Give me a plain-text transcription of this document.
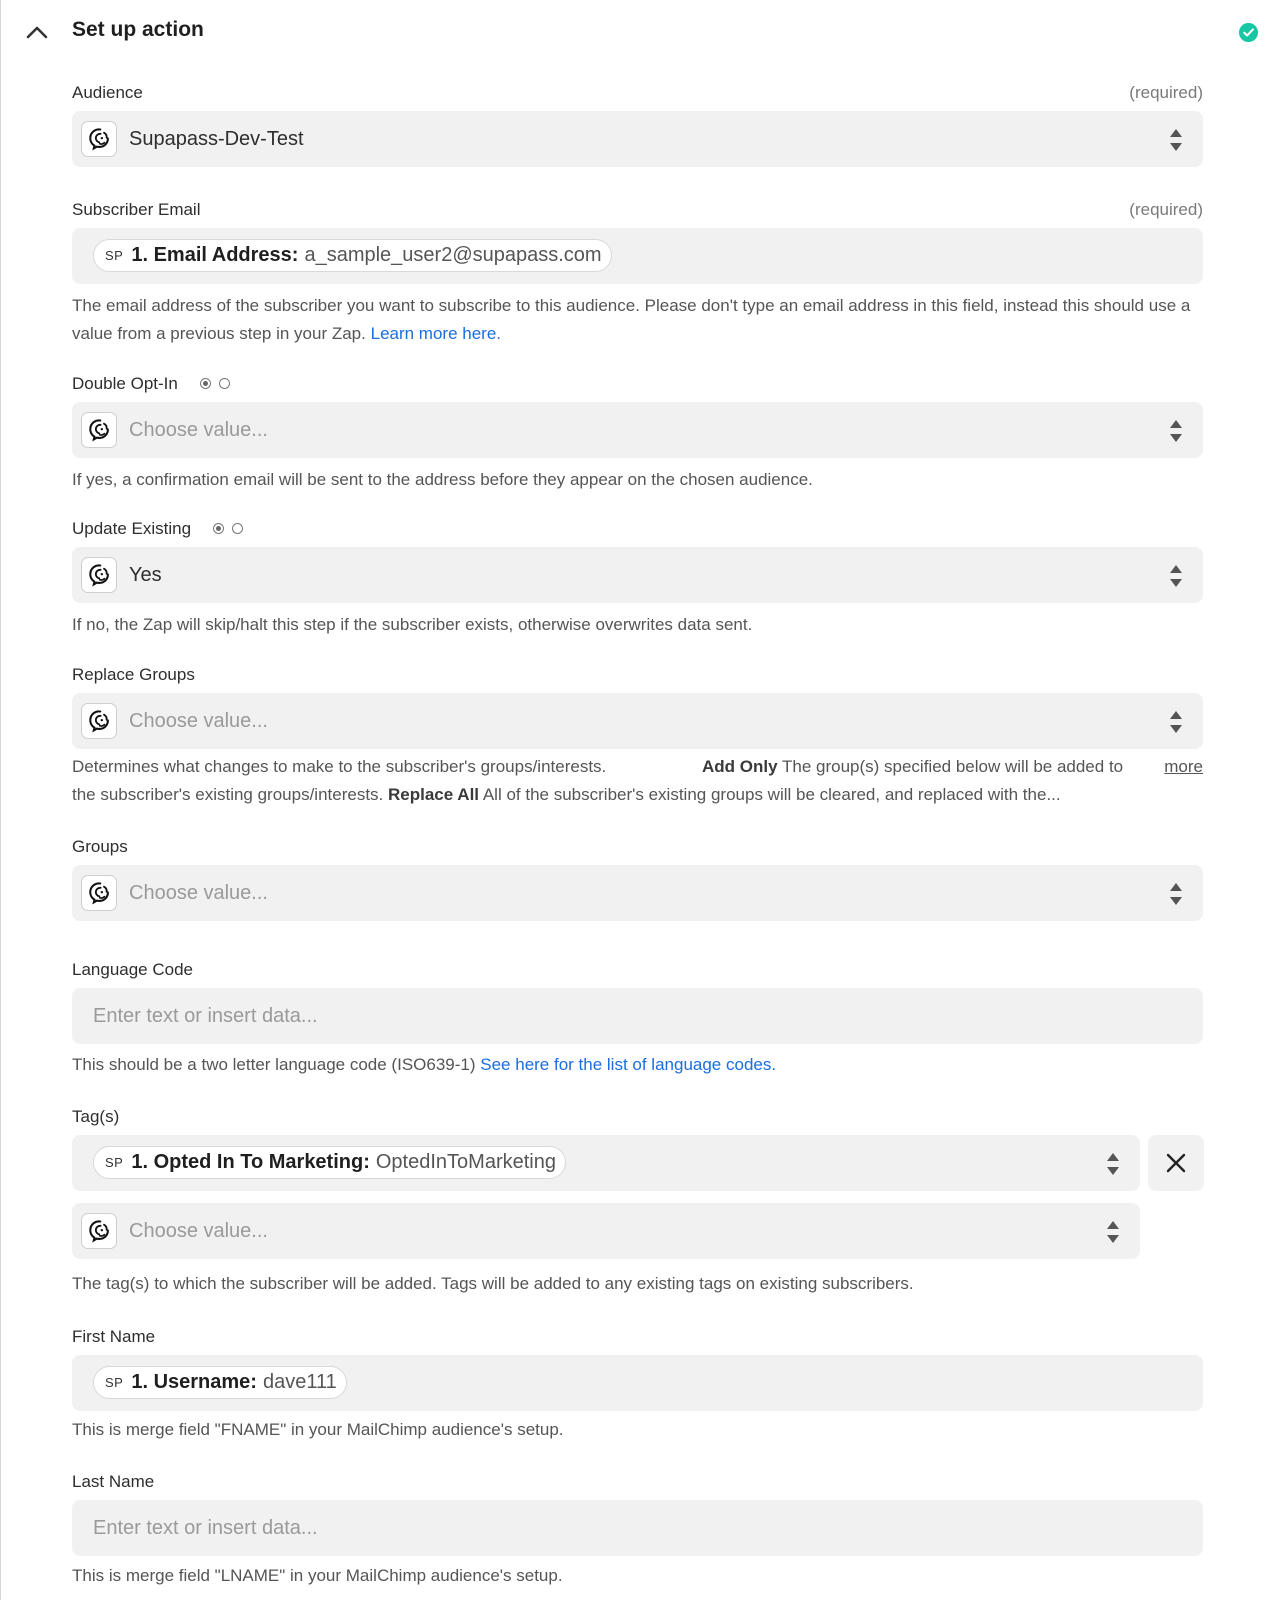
Set up action
Audience	(required)
Supapass-Dev-Test
Subscriber Email	(required)
SP 1. Email Address: a_sample_user2@supapass.com
The email address of the subscriber you want to subscribe to this audience. Please don't type an email address in this field, instead this should use a value from a previous step in your Zap. Learn more here.
Double Opt-In
Choose value...
If yes, a confirmation email will be sent to the address before they appear on the chosen audience.
Update Existing
Yes
If no, the Zap will skip/halt this step if the subscriber exists, otherwise overwrites data sent.
Replace Groups
Choose value...
Determines what changes to make to the subscriber's groups/interests.	Add Only The group(s) specified below will be added to more
the subscriber's existing groups/interests. Replace All All of the subscriber's existing groups will be cleared, and replaced with the...
Groups
Choose value...
Language Code
Enter text or insert data...
This should be a two letter language code (ISO639-1) See here for the list of language codes.
Tag(s)
SP 1. Opted In To Marketing: OptedInToMarketing
Choose value...
The tag(s) to which the subscriber will be added. Tags will be added to any existing tags on existing subscribers.
First Name
SP 1. Username: dave111
This is merge field "FNAME" in your MailChimp audience's setup.
Last Name
Enter text or insert data...
This is merge field "LNAME" in your MailChimp audience's setup.
